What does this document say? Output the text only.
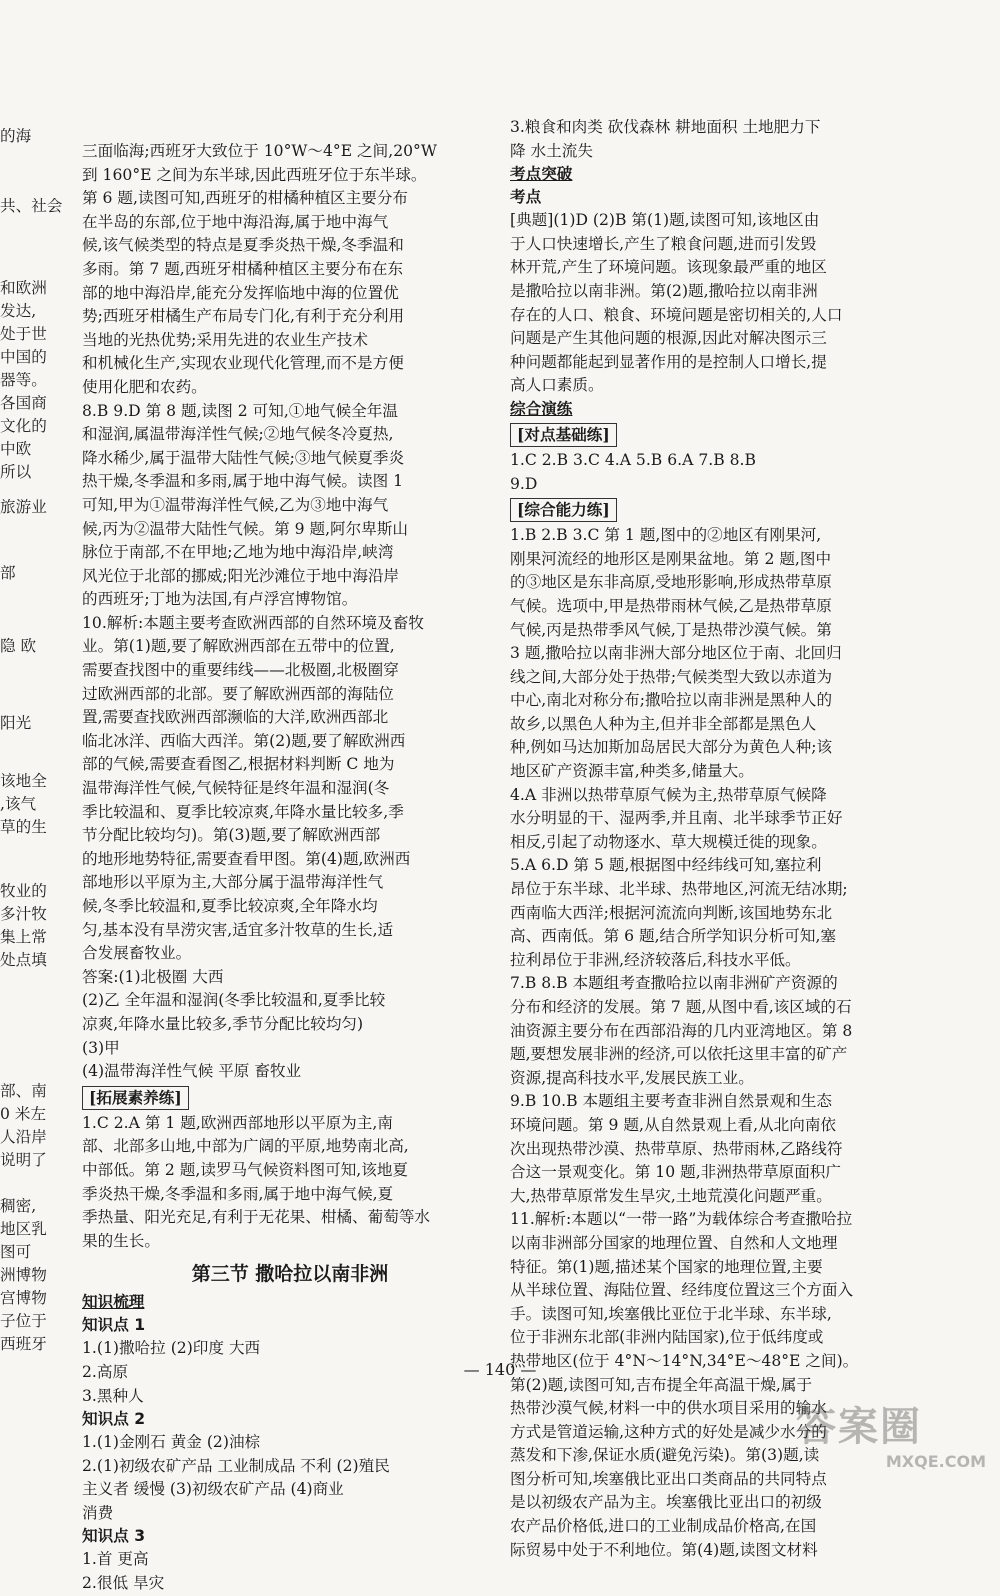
的海
共、社会
和欧洲
发达,
处于世
中国的
器等。
各国商
文化的
中欧
所以
旅游业
部
隐 欧
阳光
该地全
,该气
草的生
牧业的
多汁牧
集上常
处点填
部、南
0 米左
人沿岸
说明了
稠密,
地区乳
图可
洲博物
宫博物
子位于
西班牙
三面临海;西班牙大致位于 10°W～4°E 之间,20°W
到 160°E 之间为东半球,因此西班牙位于东半球。
第 6 题,读图可知,西班牙的柑橘种植区主要分布
在半岛的东部,位于地中海沿海,属于地中海气
候,该气候类型的特点是夏季炎热干燥,冬季温和
多雨。第 7 题,西班牙柑橘种植区主要分布在东
部的地中海沿岸,能充分发挥临地中海的位置优
势;西班牙柑橘生产布局专门化,有利于充分利用
当地的光热优势;采用先进的农业生产技术
和机械化生产,实现农业现代化管理,而不是方便
使用化肥和农药。
8.B 9.D 第 8 题,读图 2 可知,①地气候全年温
和湿润,属温带海洋性气候;②地气候冬冷夏热,
降水稀少,属于温带大陆性气候;③地气候夏季炎
热干燥,冬季温和多雨,属于地中海气候。读图 1
可知,甲为①温带海洋性气候,乙为③地中海气
候,丙为②温带大陆性气候。第 9 题,阿尔卑斯山
脉位于南部,不在甲地;乙地为地中海沿岸,峡湾
风光位于北部的挪威;阳光沙滩位于地中海沿岸
的西班牙;丁地为法国,有卢浮宫博物馆。
10.解析:本题主要考查欧洲西部的自然环境及畜牧
业。第(1)题,要了解欧洲西部在五带中的位置,
需要查找图中的重要纬线——北极圈,北极圈穿
过欧洲西部的北部。要了解欧洲西部的海陆位
置,需要查找欧洲西部濒临的大洋,欧洲西部北
临北冰洋、西临大西洋。第(2)题,要了解欧洲西
部的气候,需要查看图乙,根据材料判断 C 地为
温带海洋性气候,气候特征是终年温和湿润(冬
季比较温和、夏季比较凉爽,年降水量比较多,季
节分配比较均匀)。第(3)题,要了解欧洲西部
的地形地势特征,需要查看甲图。第(4)题,欧洲西
部地形以平原为主,大部分属于温带海洋性气
候,冬季比较温和,夏季比较凉爽,全年降水均
匀,基本没有旱涝灾害,适宜多汁牧草的生长,适
合发展畜牧业。
答案:(1)北极圈 大西
(2)乙 全年温和湿润(冬季比较温和,夏季比较
凉爽,年降水量比较多,季节分配比较均匀)
(3)甲
(4)温带海洋性气候 平原 畜牧业
[拓展素养练]
1.C 2.A 第 1 题,欧洲西部地形以平原为主,南
部、北部多山地,中部为广阔的平原,地势南北高,
中部低。第 2 题,读罗马气候资料图可知,该地夏
季炎热干燥,冬季温和多雨,属于地中海气候,夏
季热量、阳光充足,有利于无花果、柑橘、葡萄等水
果的生长。
第三节 撒哈拉以南非洲
知识梳理
知识点 1
1.(1)撒哈拉 (2)印度 大西
2.高原
3.黑种人
知识点 2
1.(1)金刚石 黄金 (2)油棕
2.(1)初级农矿产品 工业制成品 不利 (2)殖民
主义者 缓慢 (3)初级农矿产品 (4)商业
消费
知识点 3
1.首 更高
2.很低 旱灾
3.粮食和肉类 砍伐森林 耕地面积 土地肥力下
降 水土流失
考点突破
考点
[典题](1)D (2)B 第(1)题,读图可知,该地区由
于人口快速增长,产生了粮食问题,进而引发毁
林开荒,产生了环境问题。该现象最严重的地区
是撒哈拉以南非洲。第(2)题,撒哈拉以南非洲
存在的人口、粮食、环境问题是密切相关的,人口
问题是产生其他问题的根源,因此对解决图示三
种问题都能起到显著作用的是控制人口增长,提
高人口素质。
综合演练
[对点基础练]
1.C 2.B 3.C 4.A 5.B 6.A 7.B 8.B
9.D
[综合能力练]
1.B 2.B 3.C 第 1 题,图中的②地区有刚果河,
刚果河流经的地形区是刚果盆地。第 2 题,图中
的③地区是东非高原,受地形影响,形成热带草原
气候。选项中,甲是热带雨林气候,乙是热带草原
气候,丙是热带季风气候,丁是热带沙漠气候。第
3 题,撒哈拉以南非洲大部分地区位于南、北回归
线之间,大部分处于热带;气候类型大致以赤道为
中心,南北对称分布;撒哈拉以南非洲是黑种人的
故乡,以黑色人种为主,但并非全部都是黑色人
种,例如马达加斯加岛居民大部分为黄色人种;该
地区矿产资源丰富,种类多,储量大。
4.A 非洲以热带草原气候为主,热带草原气候降
水分明显的干、湿两季,并且南、北半球季节正好
相反,引起了动物逐水、草大规模迁徙的现象。
5.A 6.D 第 5 题,根据图中经纬线可知,塞拉利
昂位于东半球、北半球、热带地区,河流无结冰期;
西南临大西洋;根据河流流向判断,该国地势东北
高、西南低。第 6 题,结合所学知识分析可知,塞
拉利昂位于非洲,经济较落后,科技水平低。
7.B 8.B 本题组考查撒哈拉以南非洲矿产资源的
分布和经济的发展。第 7 题,从图中看,该区域的石
油资源主要分布在西部沿海的几内亚湾地区。第 8
题,要想发展非洲的经济,可以依托这里丰富的矿产
资源,提高科技水平,发展民族工业。
9.B 10.B 本题组主要考查非洲自然景观和生态
环境问题。第 9 题,从自然景观上看,从北向南依
次出现热带沙漠、热带草原、热带雨林,乙路线符
合这一景观变化。第 10 题,非洲热带草原面积广
大,热带草原常发生旱灾,土地荒漠化问题严重。
11.解析:本题以“一带一路”为载体综合考查撒哈拉
以南非洲部分国家的地理位置、自然和人文地理
特征。第(1)题,描述某个国家的地理位置,主要
从半球位置、海陆位置、经纬度位置这三个方面入
手。读图可知,埃塞俄比亚位于北半球、东半球,
位于非洲东北部(非洲内陆国家),位于低纬度或
热带地区(位于 4°N～14°N,34°E～48°E 之间)。
第(2)题,读图可知,吉布提全年高温干燥,属于
热带沙漠气候,材料一中的供水项目采用的输水
方式是管道运输,这种方式的好处是减少水分的
蒸发和下渗,保证水质(避免污染)。第(3)题,读
图分析可知,埃塞俄比亚出口类商品的共同特点
是以初级农产品为主。埃塞俄比亚出口的初级
农产品价格低,进口的工业制成品价格高,在国
际贸易中处于不利地位。第(4)题,读图文材料
— 140 —
答案圈
MXQE.COM
